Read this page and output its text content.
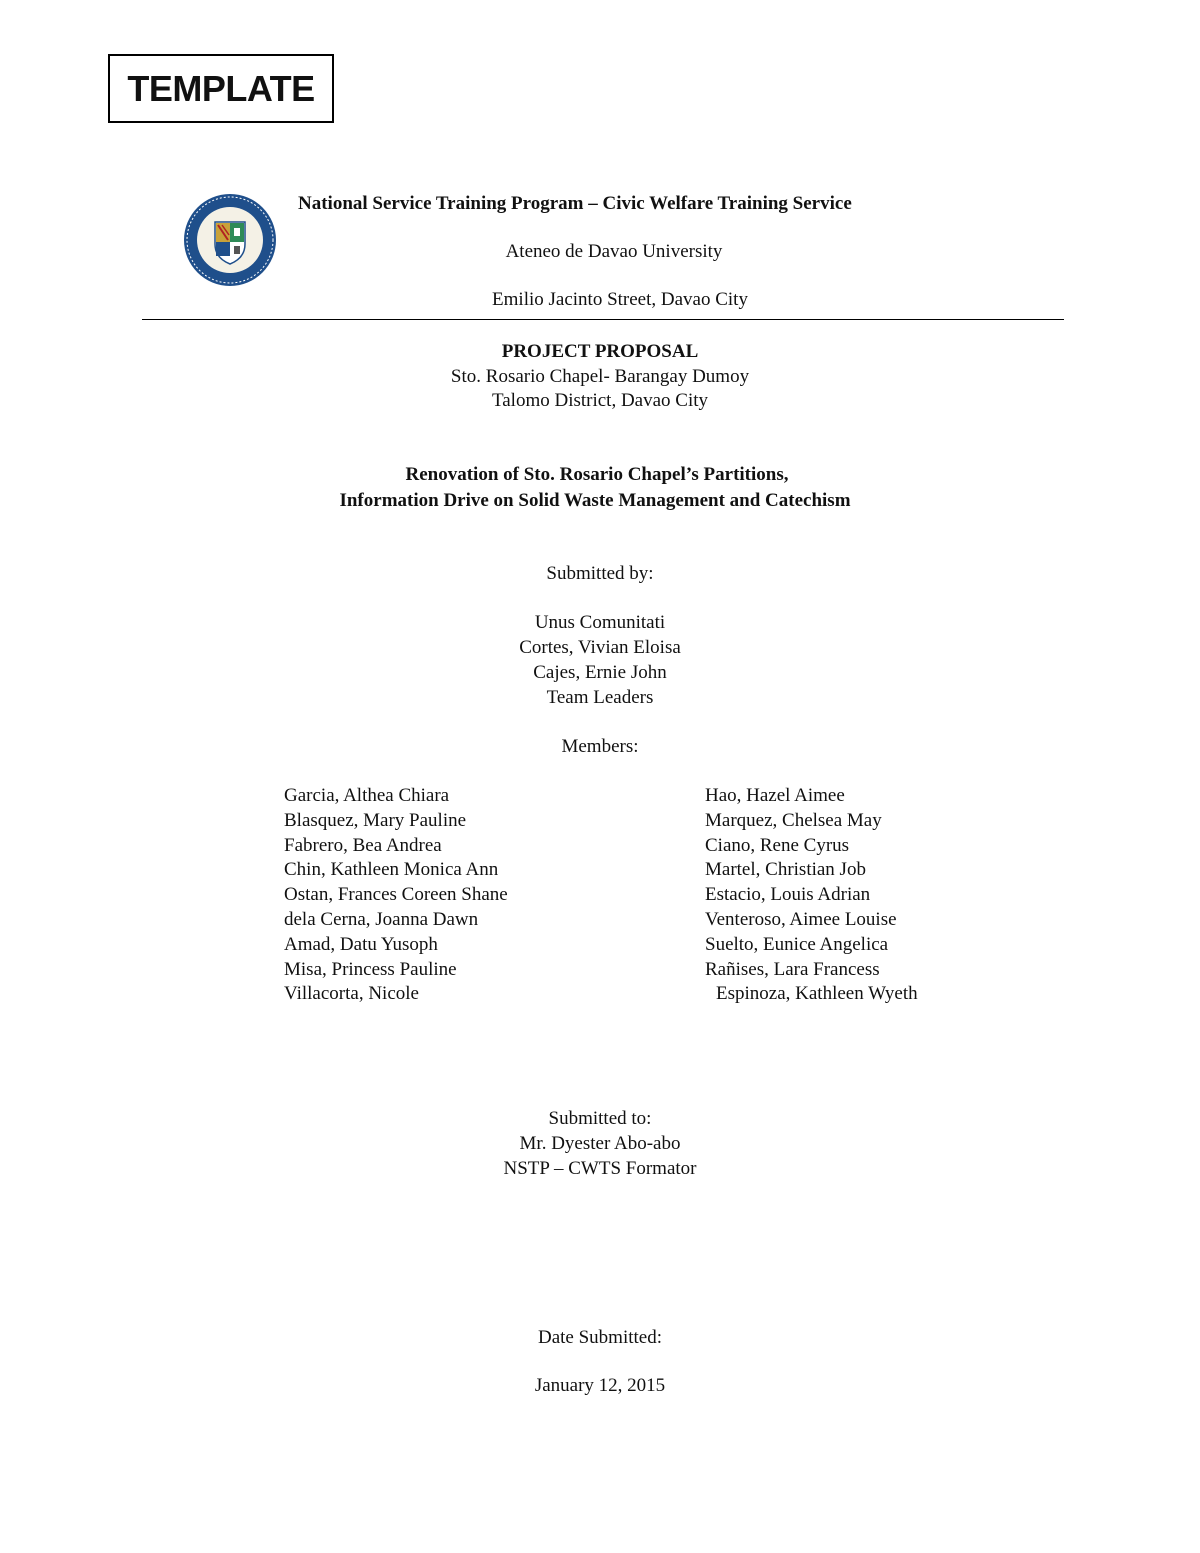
TEMPLATE
National Service Training Program – Civic Welfare Training Service
Ateneo de Davao University
Emilio Jacinto Street, Davao City
PROJECT PROPOSAL
Sto. Rosario Chapel- Barangay Dumoy
Talomo District, Davao City
Renovation of Sto. Rosario Chapel’s Partitions,
Information Drive on Solid Waste Management and Catechism
Submitted by:
Unus Comunitati
Cortes, Vivian Eloisa
Cajes, Ernie John
Team Leaders
Members:
Garcia, Althea Chiara
Blasquez, Mary Pauline
Fabrero, Bea Andrea
Chin, Kathleen Monica Ann
Ostan, Frances Coreen Shane
dela Cerna, Joanna Dawn
Amad, Datu Yusoph
Misa, Princess Pauline
Villacorta, Nicole
Hao, Hazel Aimee
Marquez, Chelsea May
Ciano, Rene Cyrus
Martel, Christian Job
Estacio, Louis Adrian
Venteroso, Aimee Louise
Suelto, Eunice Angelica
Rañises, Lara Francess
Espinoza, Kathleen Wyeth
Submitted to:
Mr. Dyester Abo-abo
NSTP – CWTS Formator
Date Submitted:
January 12, 2015
